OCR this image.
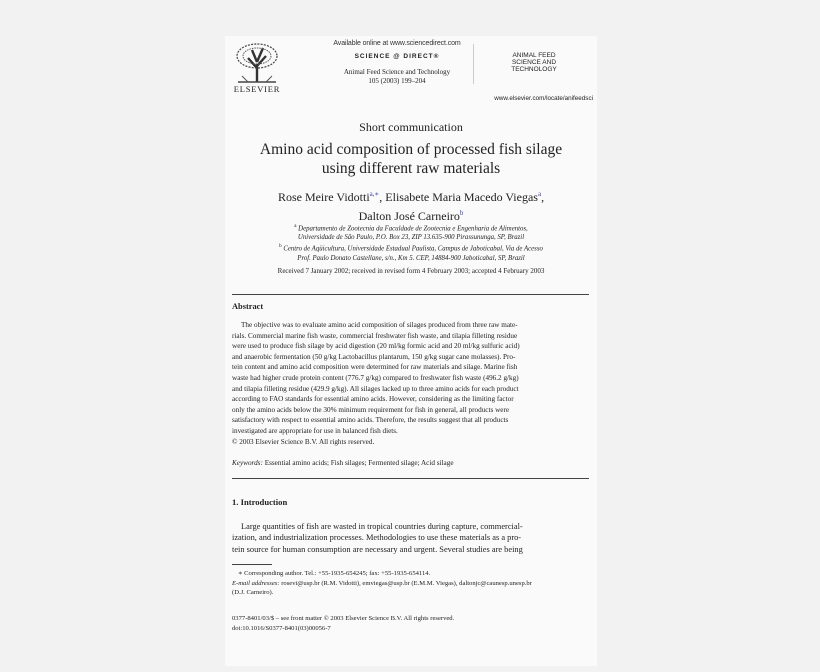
ELSEVIER
Available online at www.sciencedirect.com
SCIENCE @ DIRECT®
Animal Feed Science and Technology
105 (2003) 199–204
ANIMAL FEED
SCIENCE AND
TECHNOLOGY
www.elsevier.com/locate/anifeedsci
Short communication
Amino acid composition of processed fish silage
using different raw materials
Rose Meire Vidotti$^{a,∗}$, Elisabete Maria Macedo Viegas$^a$,
Dalton José Carneiro$^b$
$^a$ Departamento de Zootecnia da Faculdade de Zootecnia e Engenharia de Alimentos,
Universidade de São Paulo, P.O. Box 23, ZIP 13.635-900 Pirassununga, SP, Brazil
$^b$ Centro de Aqüicultura, Universidade Estadual Paulista, Campus de Jaboticabal, Via de Acesso
Prof. Paulo Donato Castellane, s/n., Km 5. CEP, 14884-900 Jaboticabal, SP, Brazil
Received 7 January 2002; received in revised form 4 February 2003; accepted 4 February 2003
Abstract
The objective was to evaluate amino acid composition of silages produced from three raw mate-
rials. Commercial marine fish waste, commercial freshwater fish waste, and tilapia filleting residue
were used to produce fish silage by acid digestion (20 ml/kg formic acid and 20 ml/kg sulfuric acid)
and anaerobic fermentation (50 g/kg Lactobacillus plantarum, 150 g/kg sugar cane molasses). Pro-
tein content and amino acid composition were determined for raw materials and silage. Marine fish
waste had higher crude protein content (776.7 g/kg) compared to freshwater fish waste (496.2 g/kg)
and tilapia filleting residue (429.9 g/kg). All silages lacked up to three amino acids for each product
according to FAO standards for essential amino acids. However, considering as the limiting factor
only the amino acids below the 30% minimum requirement for fish in general, all products were
satisfactory with respect to essential amino acids. Therefore, the results suggest that all products
investigated are appropriate for use in balanced fish diets.
© 2003 Elsevier Science B.V. All rights reserved.
Keywords: Essential amino acids; Fish silages; Fermented silage; Acid silage
1. Introduction
Large quantities of fish are wasted in tropical countries during capture, commercial-
ization, and industrialization processes. Methodologies to use these materials as a pro-
tein source for human consumption are necessary and urgent. Several studies are being
∗ Corresponding author. Tel.: +55-1935-654245; fax: +55-1935-654114.
E-mail addresses: rosevi@usp.br (R.M. Vidotti), emviegas@usp.br (E.M.M. Viegas), daltonjc@caunesp.unesp.br
(D.J. Carneiro).
0377-8401/03/$ – see front matter © 2003 Elsevier Science B.V. All rights reserved.
doi:10.1016/S0377-8401(03)00056-7
